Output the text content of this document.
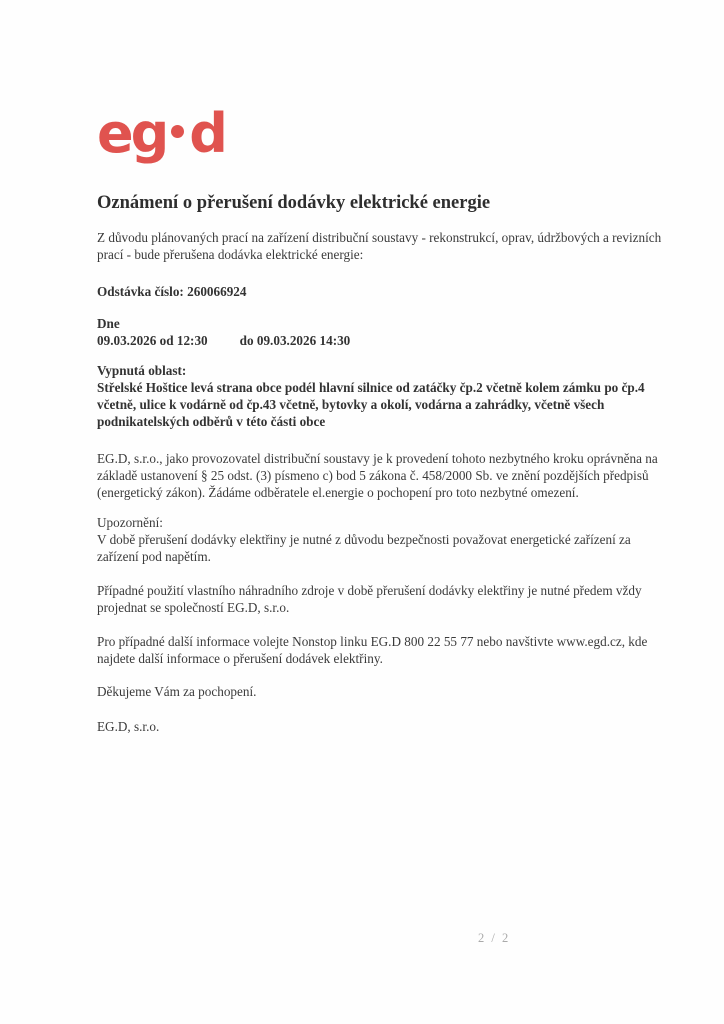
eg d
Oznámení o přerušení dodávky elektrické energie

Z důvodu plánovaných prací na zařízení distribuční soustavy - rekonstrukcí, oprav, údržbových a revizních prací - bude přerušena dodávka elektrické energie:

Odstávka číslo: 260066924

Dne
09.03.2026 od 12:30 do 09.03.2026 14:30
Vypnutá oblast:
Střelské Hoštice levá strana obce podél hlavní silnice od zatáčky čp.2 včetně kolem zámku po čp.4 včetně, ulice k vodárně od čp.43 včetně, bytovky a okolí, vodárna a zahrádky, včetně všech podnikatelských odběrů v této části obce

EG.D, s.r.o., jako provozovatel distribuční soustavy je k provedení tohoto nezbytného kroku oprávněna na základě ustanovení § 25 odst. (3) písmeno c) bod 5 zákona č. 458/2000 Sb. ve znění pozdějších předpisů (energetický zákon). Žádáme odběratele el.energie o pochopení pro toto nezbytné omezení.

Upozornění:
V době přerušení dodávky elektřiny je nutné z důvodu bezpečnosti považovat energetické zařízení za zařízení pod napětím.

Případné použití vlastního náhradního zdroje v době přerušení dodávky elektřiny je nutné předem vždy projednat se společností EG.D, s.r.o.

Pro případné další informace volejte Nonstop linku EG.D 800 22 55 77 nebo navštivte www.egd.cz, kde najdete další informace o přerušení dodávek elektřiny.

Děkujeme Vám za pochopení.

EG.D, s.r.o.

2 / 2
